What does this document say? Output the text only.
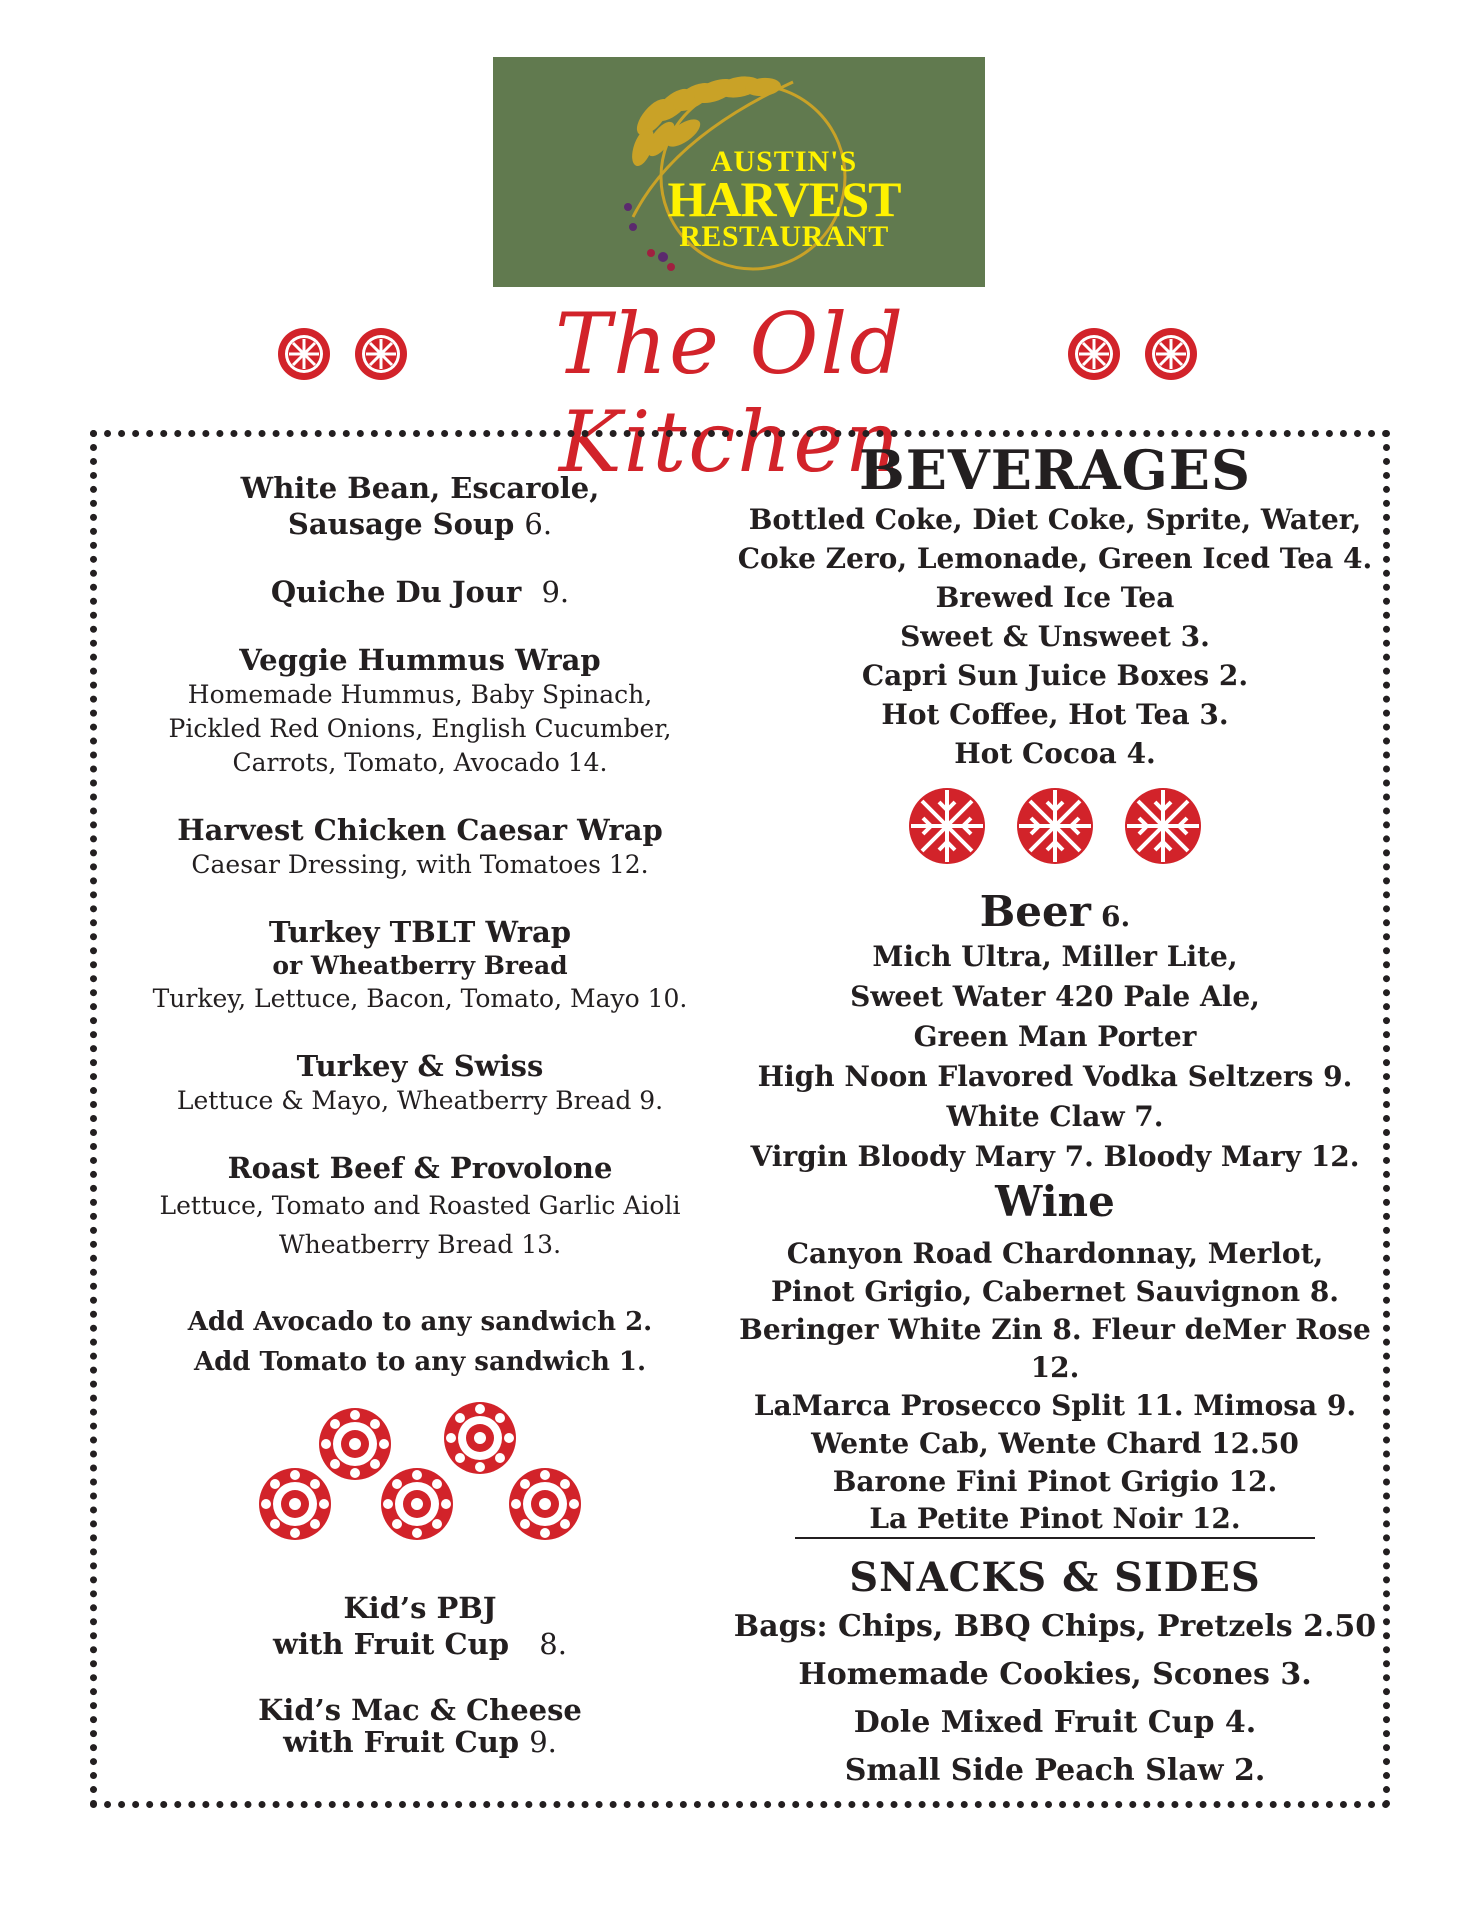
AUSTIN'S
HARVEST
RESTAURANT
The Old Kitchen
White Bean, Escarole,
Sausage Soup 6.
Quiche Du Jour 9.
Veggie Hummus Wrap
Homemade Hummus, Baby Spinach,
Pickled Red Onions, English Cucumber,
Carrots, Tomato, Avocado 14.
Harvest Chicken Caesar Wrap
Caesar Dressing, with Tomatoes 12.
Turkey TBLT Wrap
or Wheatberry Bread
Turkey, Lettuce, Bacon, Tomato, Mayo 10.
Turkey & Swiss
Lettuce & Mayo, Wheatberry Bread 9.
Roast Beef & Provolone
Lettuce, Tomato and Roasted Garlic Aioli
Wheatberry Bread 13.
Add Avocado to any sandwich 2.
Add Tomato to any sandwich 1.
Kid’s PBJ
with Fruit Cup 8.
Kid’s Mac & Cheese
with Fruit Cup 9.
BEVERAGES
Bottled Coke, Diet Coke, Sprite, Water,
Coke Zero, Lemonade, Green Iced Tea 4.
Brewed Ice Tea
Sweet & Unsweet 3.
Capri Sun Juice Boxes 2.
Hot Coffee, Hot Tea 3.
Hot Cocoa 4.
Beer 6.
Mich Ultra, Miller Lite,
Sweet Water 420 Pale Ale,
Green Man Porter
High Noon Flavored Vodka Seltzers 9.
White Claw 7.
Virgin Bloody Mary 7. Bloody Mary 12.
Wine
Canyon Road Chardonnay, Merlot,
Pinot Grigio, Cabernet Sauvignon 8.
Beringer White Zin 8. Fleur deMer Rose 12.
LaMarca Prosecco Split 11. Mimosa 9.
Wente Cab, Wente Chard 12.50
Barone Fini Pinot Grigio 12.
La Petite Pinot Noir 12.
SNACKS & SIDES
Bags: Chips, BBQ Chips, Pretzels 2.50
Homemade Cookies, Scones 3.
Dole Mixed Fruit Cup 4.
Small Side Peach Slaw 2.
